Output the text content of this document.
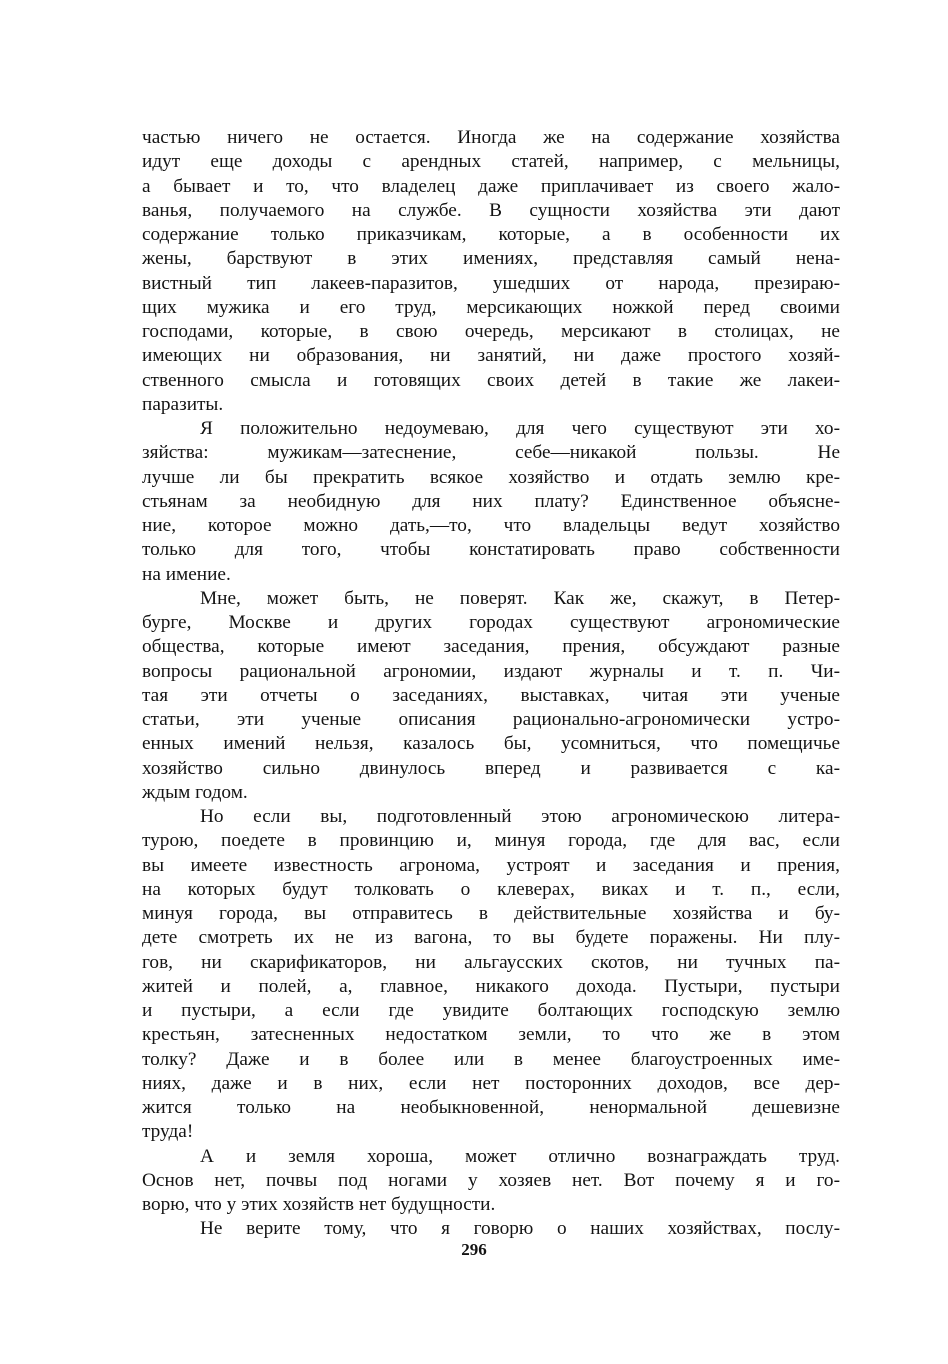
частью ничего не остается. Иногда же на содержание хозяйства
идут еще доходы с арендных статей, например, с мельницы,
а бывает и то, что владелец даже приплачивает из своего жало-
ванья, получаемого на службе. В сущности хозяйства эти дают
содержание только приказчикам, которые, а в особенности их
жены, барствуют в этих имениях, представляя самый нена-
вистный тип лакеев-паразитов, ушедших от народа, презираю-
щих мужика и его труд, мерсикающих ножкой перед своими
господами, которые, в свою очередь, мерсикают в столицах, не
имеющих ни образования, ни занятий, ни даже простого хозяй-
ственного смысла и готовящих своих детей в такие же лакеи-
паразиты.
Я положительно недоумеваю, для чего существуют эти хо-
зяйства: мужикам—затеснение, себе—никакой пользы. Не
лучше ли бы прекратить всякое хозяйство и отдать землю кре-
стьянам за необидную для них плату? Единственное объясне-
ние, которое можно дать,—то, что владельцы ведут хозяйство
только для того, чтобы констатировать право собственности
на имение.
Мне, может быть, не поверят. Как же, скажут, в Петер-
бурге, Москве и других городах существуют агрономические
общества, которые имеют заседания, прения, обсуждают разные
вопросы рациональной агрономии, издают журналы и т. п. Чи-
тая эти отчеты о заседаниях, выставках, читая эти ученые
статьи, эти ученые описания рационально-агрономически устро-
енных имений нельзя, казалось бы, усомниться, что помещичье
хозяйство сильно двинулось вперед и развивается с ка-
ждым годом.
Но если вы, подготовленный этою агрономическою литера-
турою, поедете в провинцию и, минуя города, где для вас, если
вы имеете известность агронома, устроят и заседания и прения,
на которых будут толковать о клеверах, виках и т. п., если,
минуя города, вы отправитесь в действительные хозяйства и бу-
дете смотреть их не из вагона, то вы будете поражены. Ни плу-
гов, ни скарификаторов, ни альгаусских скотов, ни тучных па-
житей и полей, а, главное, никакого дохода. Пустыри, пустыри
и пустыри, а если где увидите болтающих господскую землю
крестьян, затесненных недостатком земли, то что же в этом
толку? Даже и в более или в менее благоустроенных име-
ниях, даже и в них, если нет посторонних доходов, все дер-
жится только на необыкновенной, ненормальной дешевизне
труда!
А и земля хороша, может отлично вознаграждать труд.
Основ нет, почвы под ногами у хозяев нет. Вот почему я и го-
ворю, что у этих хозяйств нет будущности.
Не верите тому, что я говорю о наших хозяйствах, послу-
296
